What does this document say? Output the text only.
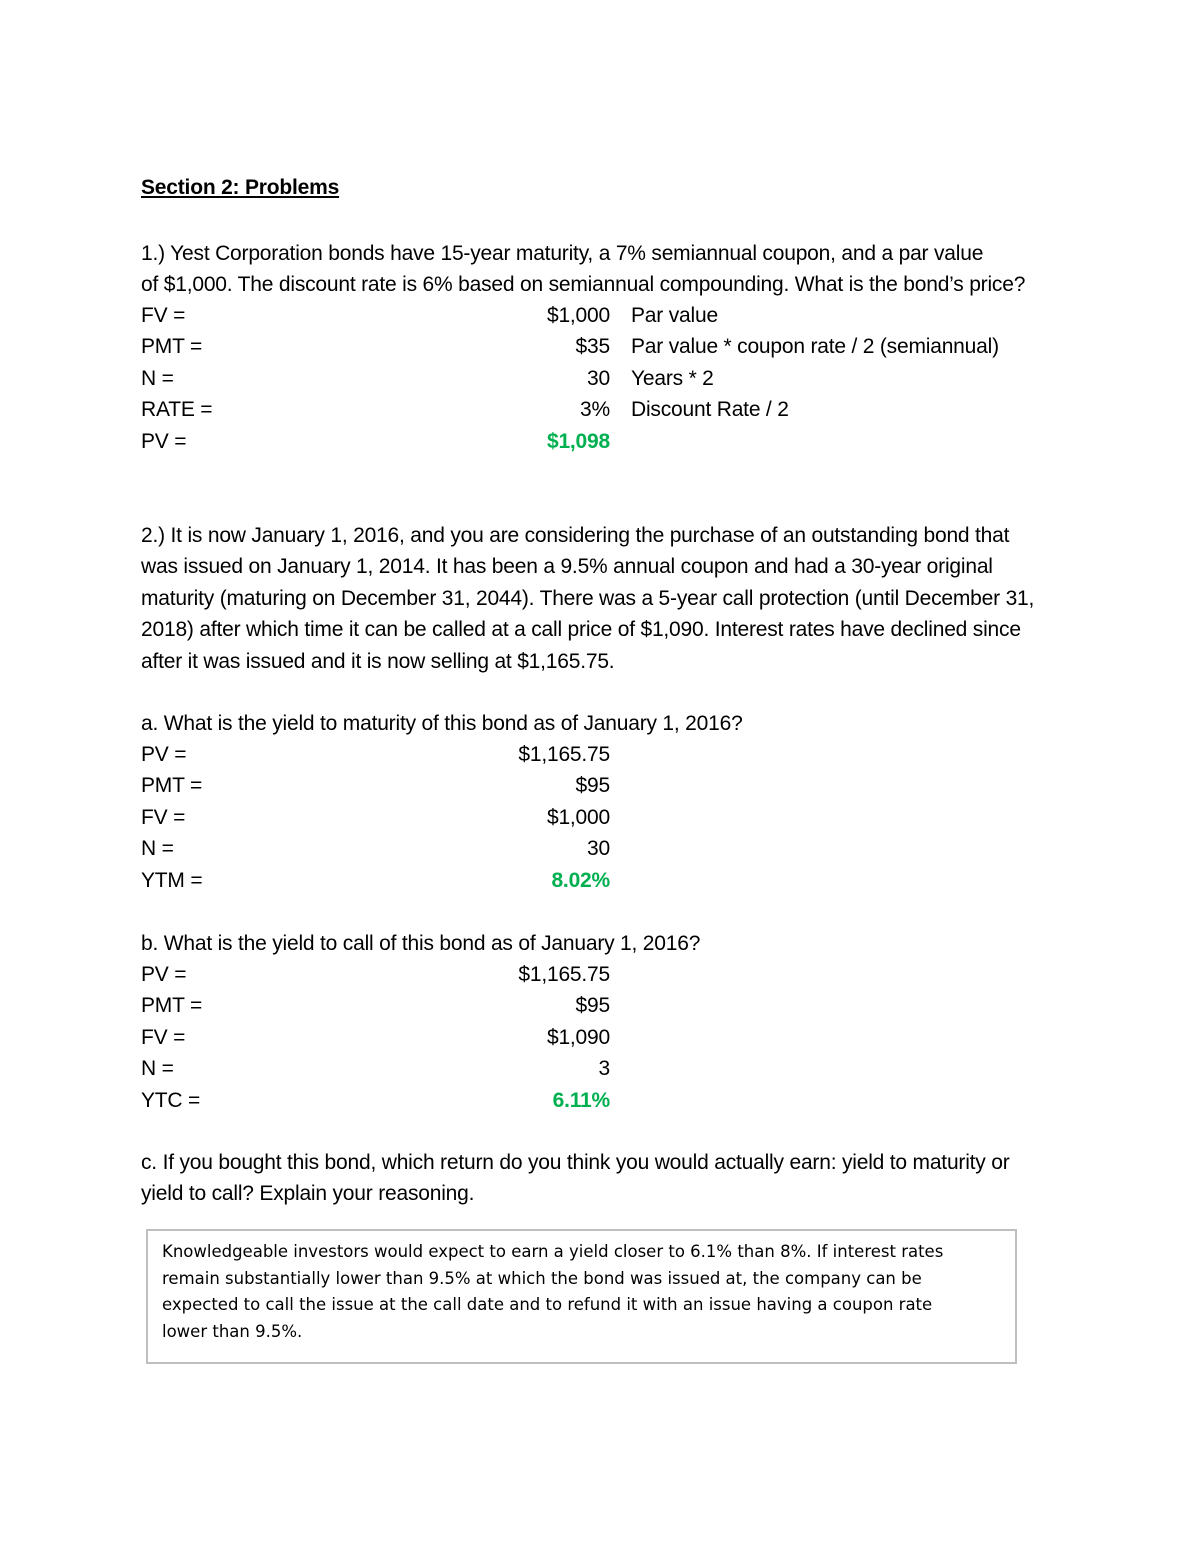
Section 2: Problems
1.) Yest Corporation bonds have 15-year maturity, a 7% semiannual coupon, and a par value
of $1,000. The discount rate is 6% based on semiannual compounding. What is the bond’s price?
FV =	$1,000 Par value
PMT =	$35 Par value * coupon rate / 2 (semiannual)
N =	30 Years * 2
RATE =	3% Discount Rate / 2
PV =	$1,098
2.) It is now January 1, 2016, and you are considering the purchase of an outstanding bond that
was issued on January 1, 2014. It has been a 9.5% annual coupon and had a 30-year original
maturity (maturing on December 31, 2044). There was a 5-year call protection (until December 31,
2018) after which time it can be called at a call price of $1,090. Interest rates have declined since
after it was issued and it is now selling at $1,165.75.
a. What is the yield to maturity of this bond as of January 1, 2016?
PV =	$1,165.75
PMT =	$95
FV =	$1,000
N =	30
YTM =	8.02%
b. What is the yield to call of this bond as of January 1, 2016?
PV =	$1,165.75
PMT =	$95
FV =	$1,090
N =	3
YTC =	6.11%
c. If you bought this bond, which return do you think you would actually earn: yield to maturity or
yield to call? Explain your reasoning.
Knowledgeable investors would expect to earn a yield closer to 6.1% than 8%. If interest rates
remain substantially lower than 9.5% at which the bond was issued at, the company can be
expected to call the issue at the call date and to refund it with an issue having a coupon rate
lower than 9.5%.
